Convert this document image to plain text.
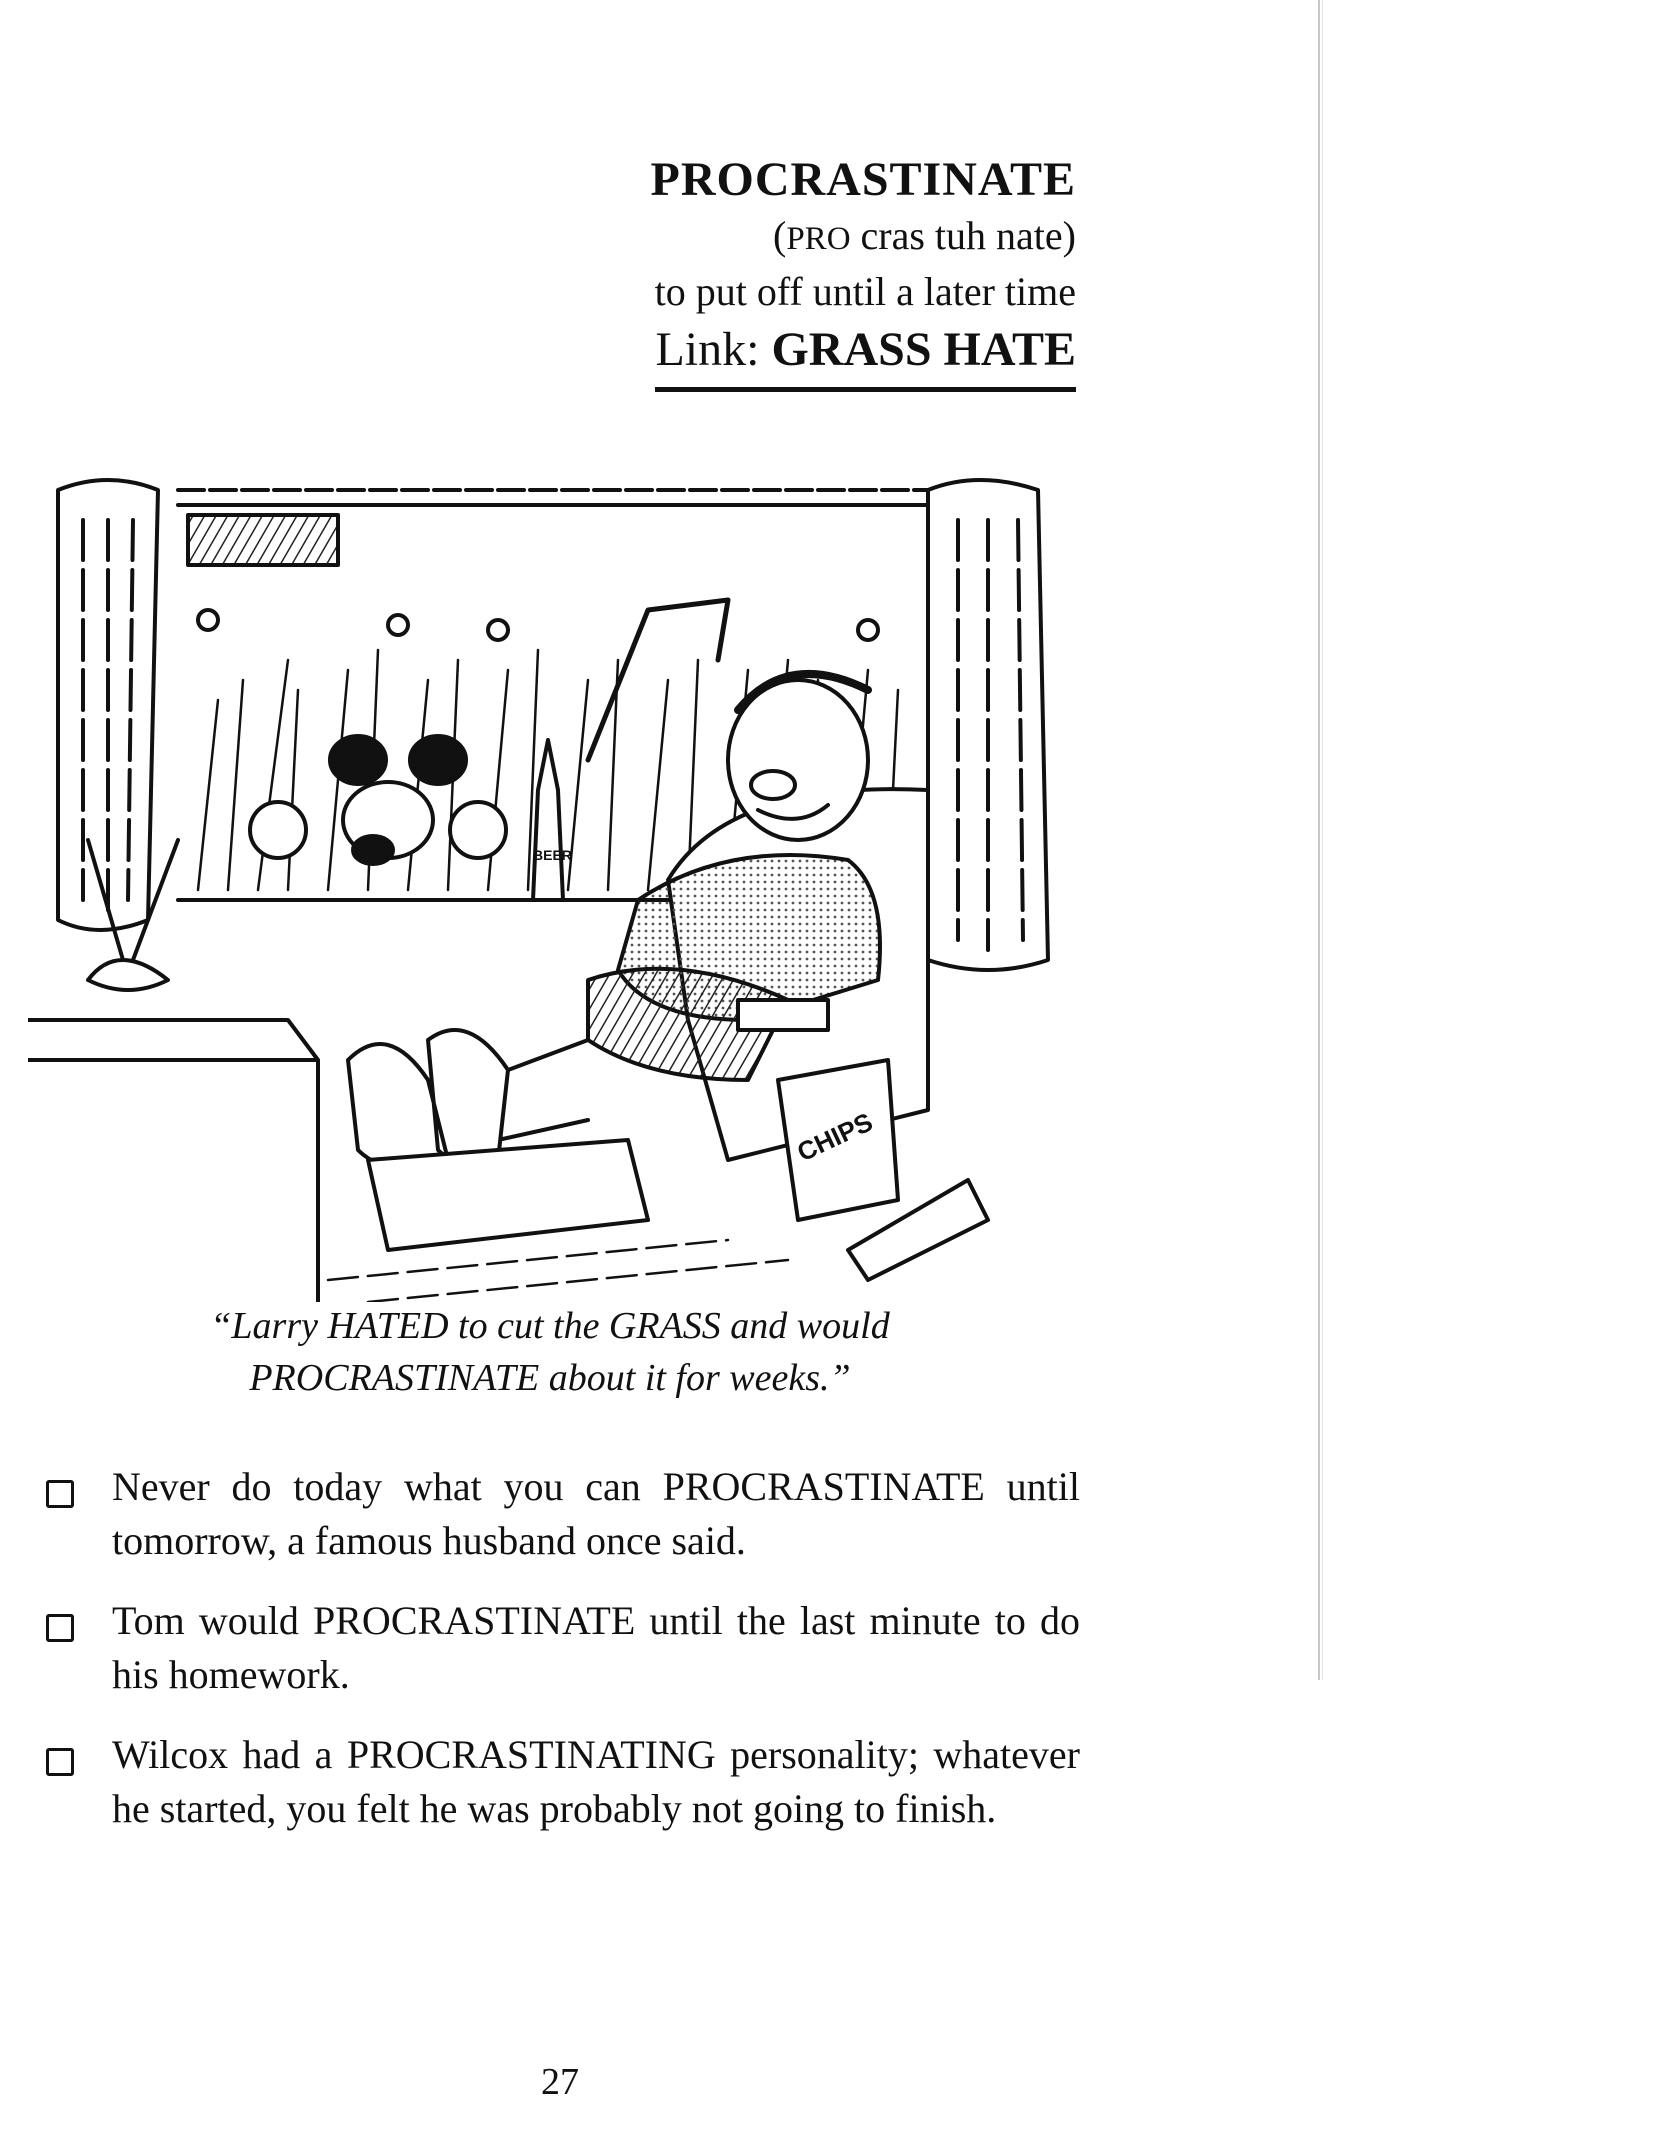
PROCRASTINATE
(PRO cras tuh nate)
to put off until a later time
Link: GRASS HATE
BEER
CHIPS
“Larry HATED to cut the GRASS and would
PROCRASTINATE about it for weeks.”
Never do today what you can PROCRASTINATE until tomorrow, a famous husband once said.
Tom would PROCRASTINATE until the last minute to do his homework.
Wilcox had a PROCRASTINATING personality; whatever he started, you felt he was probably not going to finish.
27
